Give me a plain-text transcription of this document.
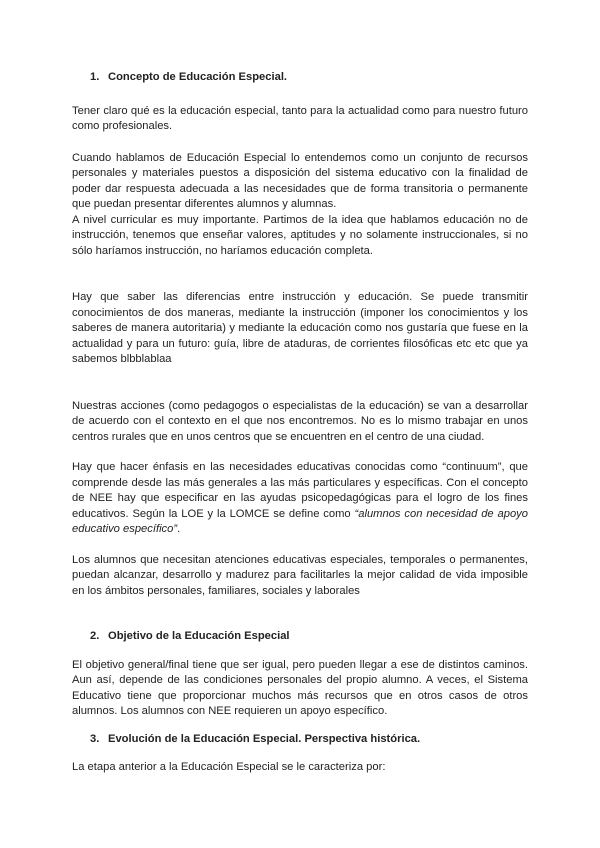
1. Concepto de Educación Especial.

Tener claro qué es la educación especial, tanto para la actualidad como para nuestro futuro como profesionales.

Cuando hablamos de Educación Especial lo entendemos como un conjunto de recursos personales y materiales puestos a disposición del sistema educativo con la finalidad de poder dar respuesta adecuada a las necesidades que de forma transitoria o permanente que puedan presentar diferentes alumnos y alumnas.

A nivel curricular es muy importante. Partimos de la idea que hablamos educación no de instrucción, tenemos que enseñar valores, aptitudes y no solamente instruccionales, si no sólo haríamos instrucción, no haríamos educación completa.

Hay que saber las diferencias entre instrucción y educación. Se puede transmitir conocimientos de dos maneras, mediante la instrucción (imponer los conocimientos y los saberes de manera autoritaria) y mediante la educación como nos gustaría que fuese en la actualidad y para un futuro: guía, libre de ataduras, de corrientes filosóficas etc etc que ya sabemos blbblablaa

Nuestras acciones (como pedagogos o especialistas de la educación) se van a desarrollar de acuerdo con el contexto en el que nos encontremos. No es lo mismo trabajar en unos centros rurales que en unos centros que se encuentren en el centro de una ciudad.

Hay que hacer énfasis en las necesidades educativas conocidas como “continuum”, que comprende desde las más generales a las más particulares y específicas. Con el concepto de NEE hay que especificar en las ayudas psicopedagógicas para el logro de los fines educativos. Según la LOE y la LOMCE se define como “alumnos con necesidad de apoyo educativo específico”.

Los alumnos que necesitan atenciones educativas especiales, temporales o permanentes, puedan alcanzar, desarrollo y madurez para facilitarles la mejor calidad de vida imposible en los ámbitos personales, familiares, sociales y laborales

2. Objetivo de la Educación Especial

El objetivo general/final tiene que ser igual, pero pueden llegar a ese de distintos caminos. Aun así, depende de las condiciones personales del propio alumno. A veces, el Sistema Educativo tiene que proporcionar muchos más recursos que en otros casos de otros alumnos. Los alumnos con NEE requieren un apoyo específico.

3. Evolución de la Educación Especial. Perspectiva histórica.

La etapa anterior a la Educación Especial se le caracteriza por:
